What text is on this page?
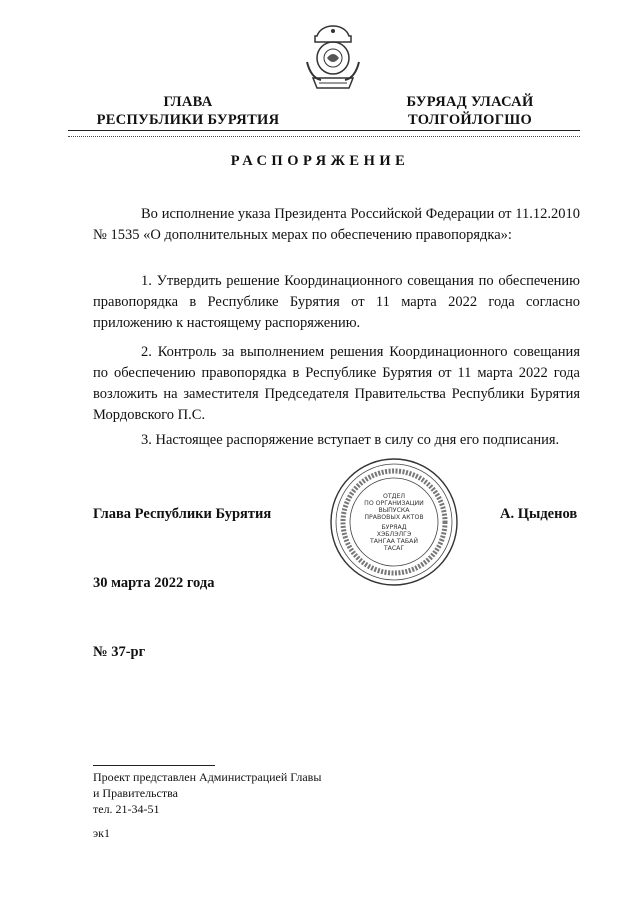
ГЛАВА
РЕСПУБЛИКИ БУРЯТИЯ
БУРЯАД УЛАСАЙ
ТОЛГОЙЛОГШО
РАСПОРЯЖЕНИЕ
Во исполнение указа Президента Российской Федерации от 11.12.2010 № 1535 «О дополнительных мерах по обеспечению правопорядка»:
1. Утвердить решение Координационного совещания по обеспечению правопорядка в Республике Бурятия от 11 марта 2022 года согласно приложению к настоящему распоряжению.
2. Контроль за выполнением решения Координационного совещания по обеспечению правопорядка в Республике Бурятия от 11 марта 2022 года возложить на заместителя Председателя Правительства Республики Бурятия Мордовского П.С.
3. Настоящее распоряжение вступает в силу со дня его подписания.
ОТДЕЛ
ПО ОРГАНИЗАЦИИ
ВЫПУСКА
ПРАВОВЫХ АКТОВ
БУРЯАД
ХЭБЛЭЛГЭ
ТАНГАА ТАБАЙ
ТАСАГ
Глава Республики Бурятия	А. Цыденов
30 марта 2022 года
№ 37-рг
Проект представлен Администрацией Главы
и Правительства
тел. 21-34-51
эк1
